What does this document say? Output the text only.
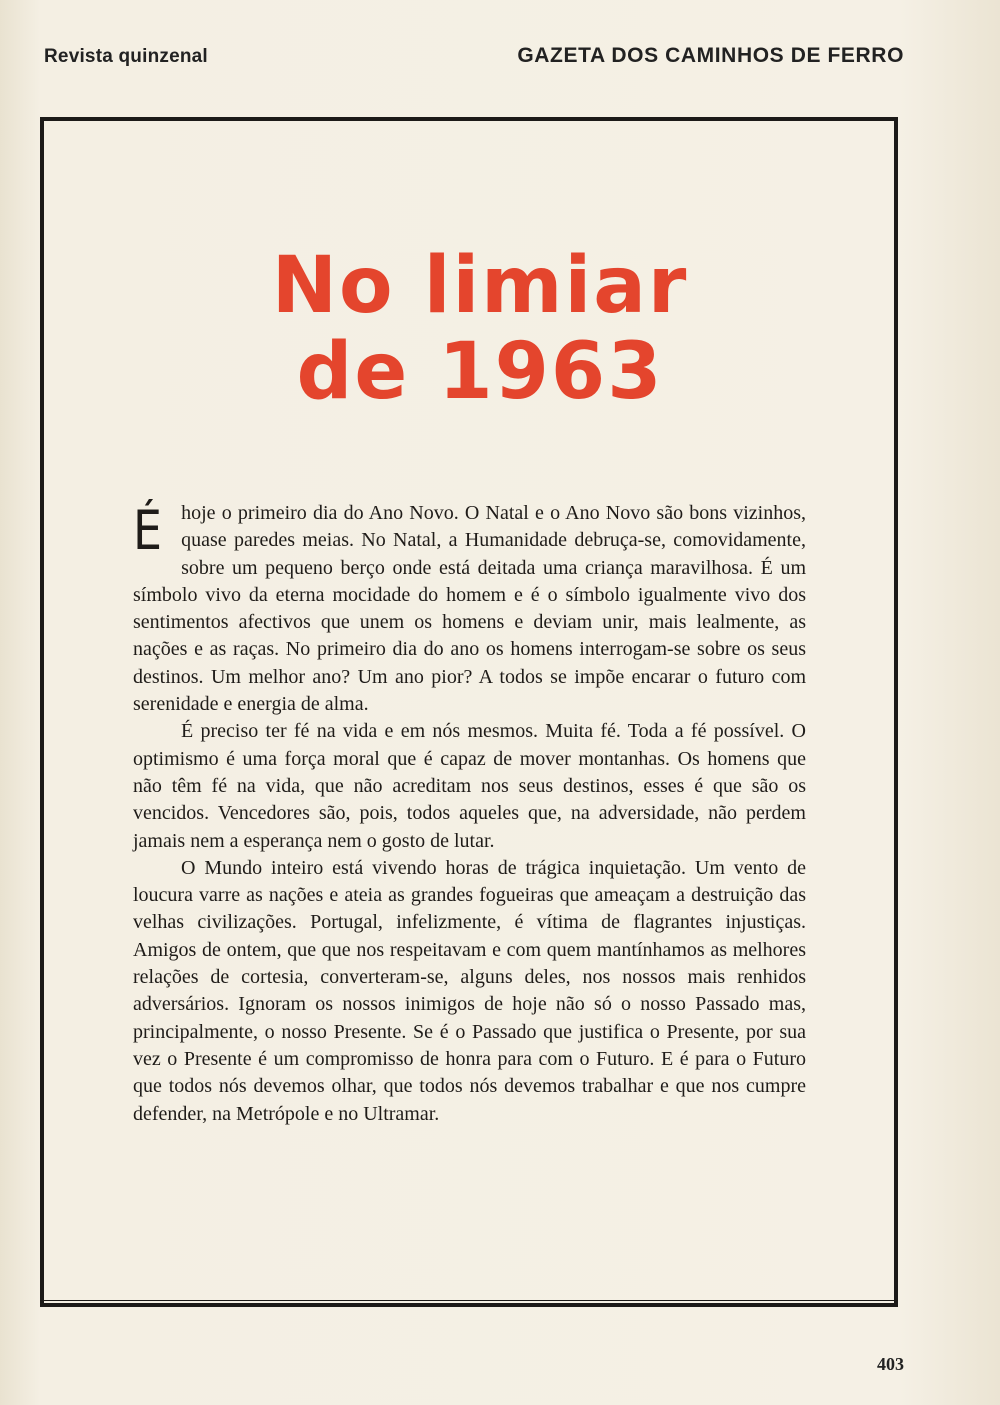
Revista quinzenal	GAZETA DOS CAMINHOS DE FERRO
No limiar
de 1963

Éhoje o primeiro dia do Ano Novo. O Natal e o Ano Novo são bons vizinhos, quase paredes meias. No Natal, a Humanidade debruça-se, comovidamente, sobre um pequeno berço onde está deitada uma criança maravilhosa. É um símbolo vivo da eterna mocidade do homem e é o símbolo igualmente vivo dos sentimentos afectivos que unem os homens e deviam unir, mais lealmente, as nações e as raças. No primeiro dia do ano os homens interrogam-se sobre os seus destinos. Um melhor ano? Um ano pior? A todos se impõe encarar o futuro com serenidade e energia de alma.

É preciso ter fé na vida e em nós mesmos. Muita fé. Toda a fé possível. O optimismo é uma força moral que é capaz de mover montanhas. Os homens que não têm fé na vida, que não acreditam nos seus destinos, esses é que são os vencidos. Vencedores são, pois, todos aqueles que, na adversidade, não perdem jamais nem a esperança nem o gosto de lutar.

O Mundo inteiro está vivendo horas de trágica inquietação. Um vento de loucura varre as nações e ateia as grandes fogueiras que ameaçam a destruição das velhas civilizações. Portugal, infelizmente, é vítima de flagrantes injustiças. Amigos de ontem, que que nos respeitavam e com quem mantínhamos as melhores relações de cortesia, converteram-se, alguns deles, nos nossos mais renhidos adversários. Ignoram os nossos inimigos de hoje não só o nosso Passado mas, principalmente, o nosso Presente. Se é o Passado que justifica o Presente, por sua vez o Presente é um compromisso de honra para com o Futuro. E é para o Futuro que todos nós devemos olhar, que todos nós devemos trabalhar e que nos cumpre defender, na Metrópole e no Ultramar.

403
